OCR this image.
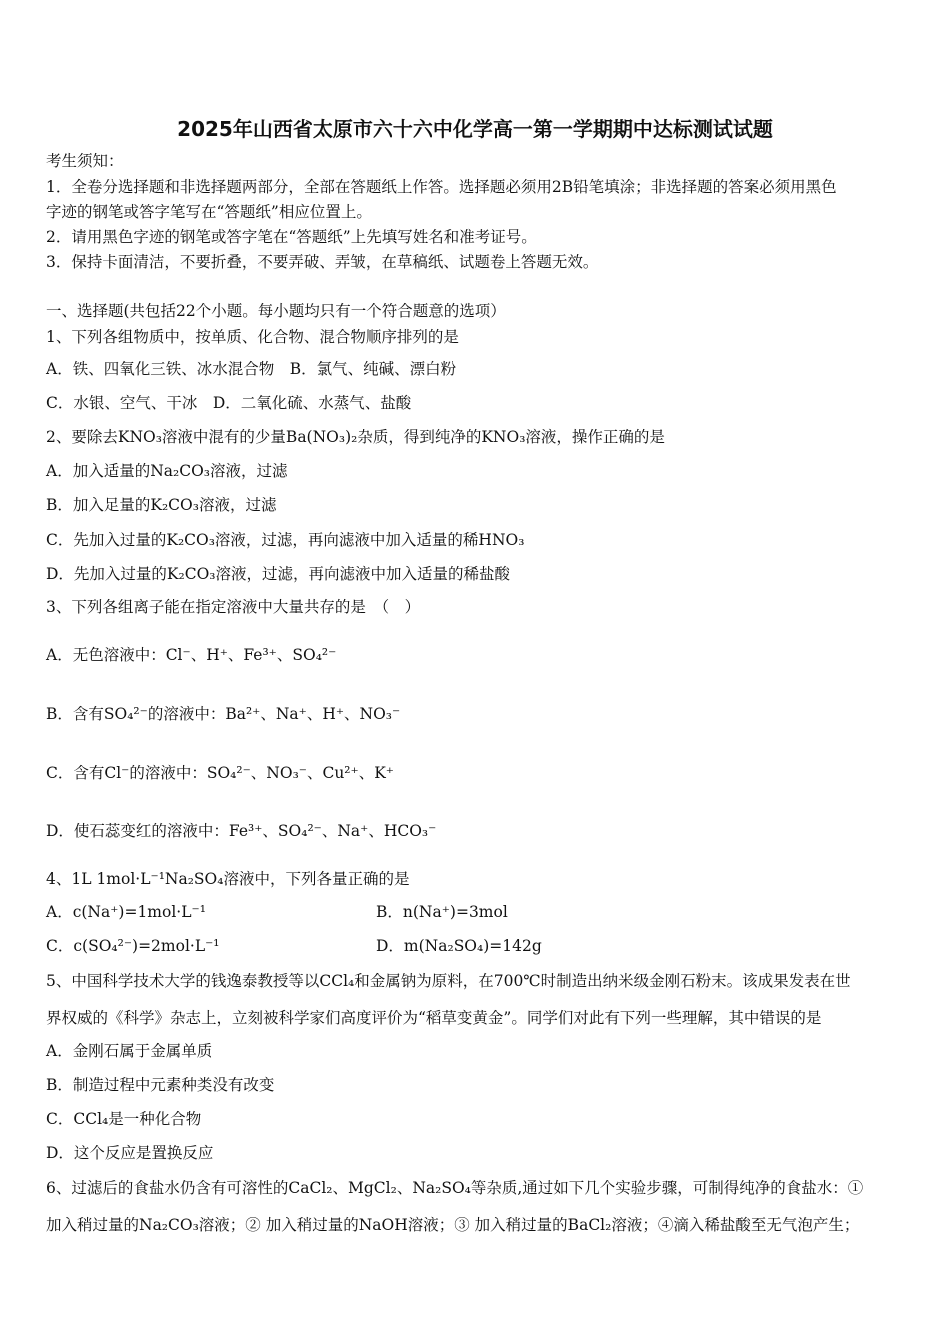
2025年山西省太原市六十六中化学高一第一学期期中达标测试试题
考生须知：
1．全卷分选择题和非选择题两部分，全部在答题纸上作答。选择题必须用2B铅笔填涂；非选择题的答案必须用黑色
字迹的钢笔或答字笔写在“答题纸”相应位置上。
2．请用黑色字迹的钢笔或答字笔在“答题纸”上先填写姓名和准考证号。
3．保持卡面清洁，不要折叠，不要弄破、弄皱，在草稿纸、试题卷上答题无效。
一、选择题(共包括22个小题。每小题均只有一个符合题意的选项）
1、下列各组物质中，按单质、化合物、混合物顺序排列的是
A．铁、四氧化三铁、冰水混合物　B．氯气、纯碱、漂白粉
C．水银、空气、干冰　D．二氧化硫、水蒸气、盐酸
2、要除去KNO₃溶液中混有的少量Ba(NO₃)₂杂质，得到纯净的KNO₃溶液，操作正确的是
A．加入适量的Na₂CO₃溶液，过滤
B．加入足量的K₂CO₃溶液，过滤
C．先加入过量的K₂CO₃溶液，过滤，再向滤液中加入适量的稀HNO₃
D．先加入过量的K₂CO₃溶液，过滤，再向滤液中加入适量的稀盐酸
3、下列各组离子能在指定溶液中大量共存的是　（　）
A．无色溶液中：Cl⁻、H⁺、Fe³⁺、SO₄²⁻
B．含有SO₄²⁻的溶液中：Ba²⁺、Na⁺、H⁺、NO₃⁻
C．含有Cl⁻的溶液中：SO₄²⁻、NO₃⁻、Cu²⁺、K⁺
D．使石蕊变红的溶液中：Fe³⁺、SO₄²⁻、Na⁺、HCO₃⁻
4、1L 1mol·L⁻¹Na₂SO₄溶液中，下列各量正确的是
A．c(Na⁺)=1mol·L⁻¹	B．n(Na⁺)=3mol
C．c(SO₄²⁻)=2mol·L⁻¹	D．m(Na₂SO₄)=142g
5、中国科学技术大学的钱逸泰教授等以CCl₄和金属钠为原料，在700℃时制造出纳米级金刚石粉末。该成果发表在世
界权威的《科学》杂志上，立刻被科学家们高度评价为“稻草变黄金”。同学们对此有下列一些理解，其中错误的是
A．金刚石属于金属单质
B．制造过程中元素种类没有改变
C．CCl₄是一种化合物
D．这个反应是置换反应
6、过滤后的食盐水仍含有可溶性的CaCl₂、MgCl₂、Na₂SO₄等杂质,通过如下几个实验步骤，可制得纯净的食盐水：①
加入稍过量的Na₂CO₃溶液；② 加入稍过量的NaOH溶液；③ 加入稍过量的BaCl₂溶液；④滴入稀盐酸至无气泡产生；
